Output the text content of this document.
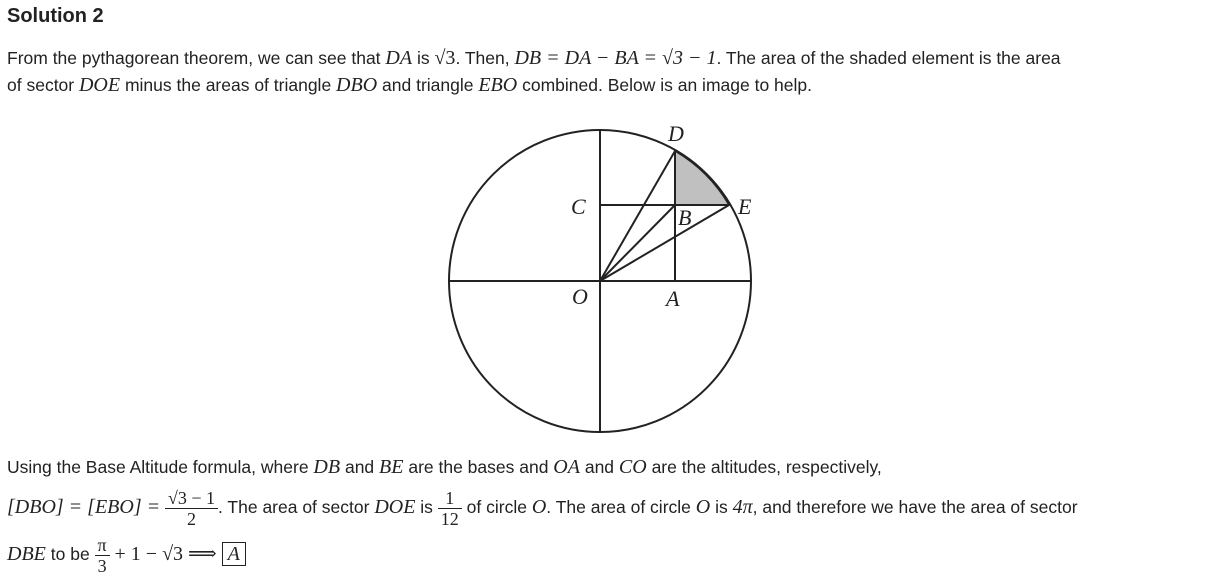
Solution 2
From the pythagorean theorem, we can see that DA is √3. Then, DB = DA − BA = √3 − 1. The area of the shaded element is the area
of sector DOE minus the areas of triangle DBO and triangle EBO combined. Below is an image to help.
D
E
C	B
O	A
Using the Base Altitude formula, where DB and BE are the bases and OA and CO are the altitudes, respectively,
$[DBO] = [EBO] = \frac{√3 - 1}{2}$ . The area of sector DOE is $\frac{1}{12}$ of circle O. The area of circle O is 4π, and therefore we have the area of sector
DBE to be $\frac{\pi}{3} + 1 - √3$ ⟹ A
